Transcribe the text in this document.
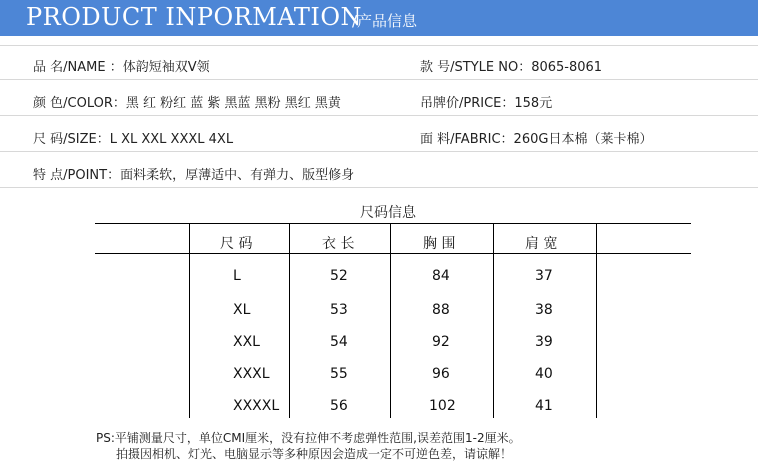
PRODUCT INPORMATION
/产品信息
品 名/NAME ：体韵短袖双V领	款 号/STYLE NO：8065-8061
颜 色/COLOR：黑 红 粉红 蓝 紫 黑蓝 黑粉 黑红 黑黄	吊牌价/PRICE：158元
尺 码/SIZE：L XL XXL XXXL 4XL	面 料/FABRIC：260G日本棉（莱卡棉）
特 点/POINT：面料柔软，厚薄适中、有弹力、版型修身
尺码信息
尺 码	衣 长	胸 围	肩 宽
L	52	84	37
XL	53	88	38
XXL	54	92	39
XXXL	55	96	40
XXXXL	56	102	41
PS:平铺测量尺寸，单位CMI厘米，没有拉伸不考虑弹性范围,误差范围1-2厘米。
拍摄因相机、灯光、电脑显示等多种原因会造成一定不可逆色差，请谅解！
